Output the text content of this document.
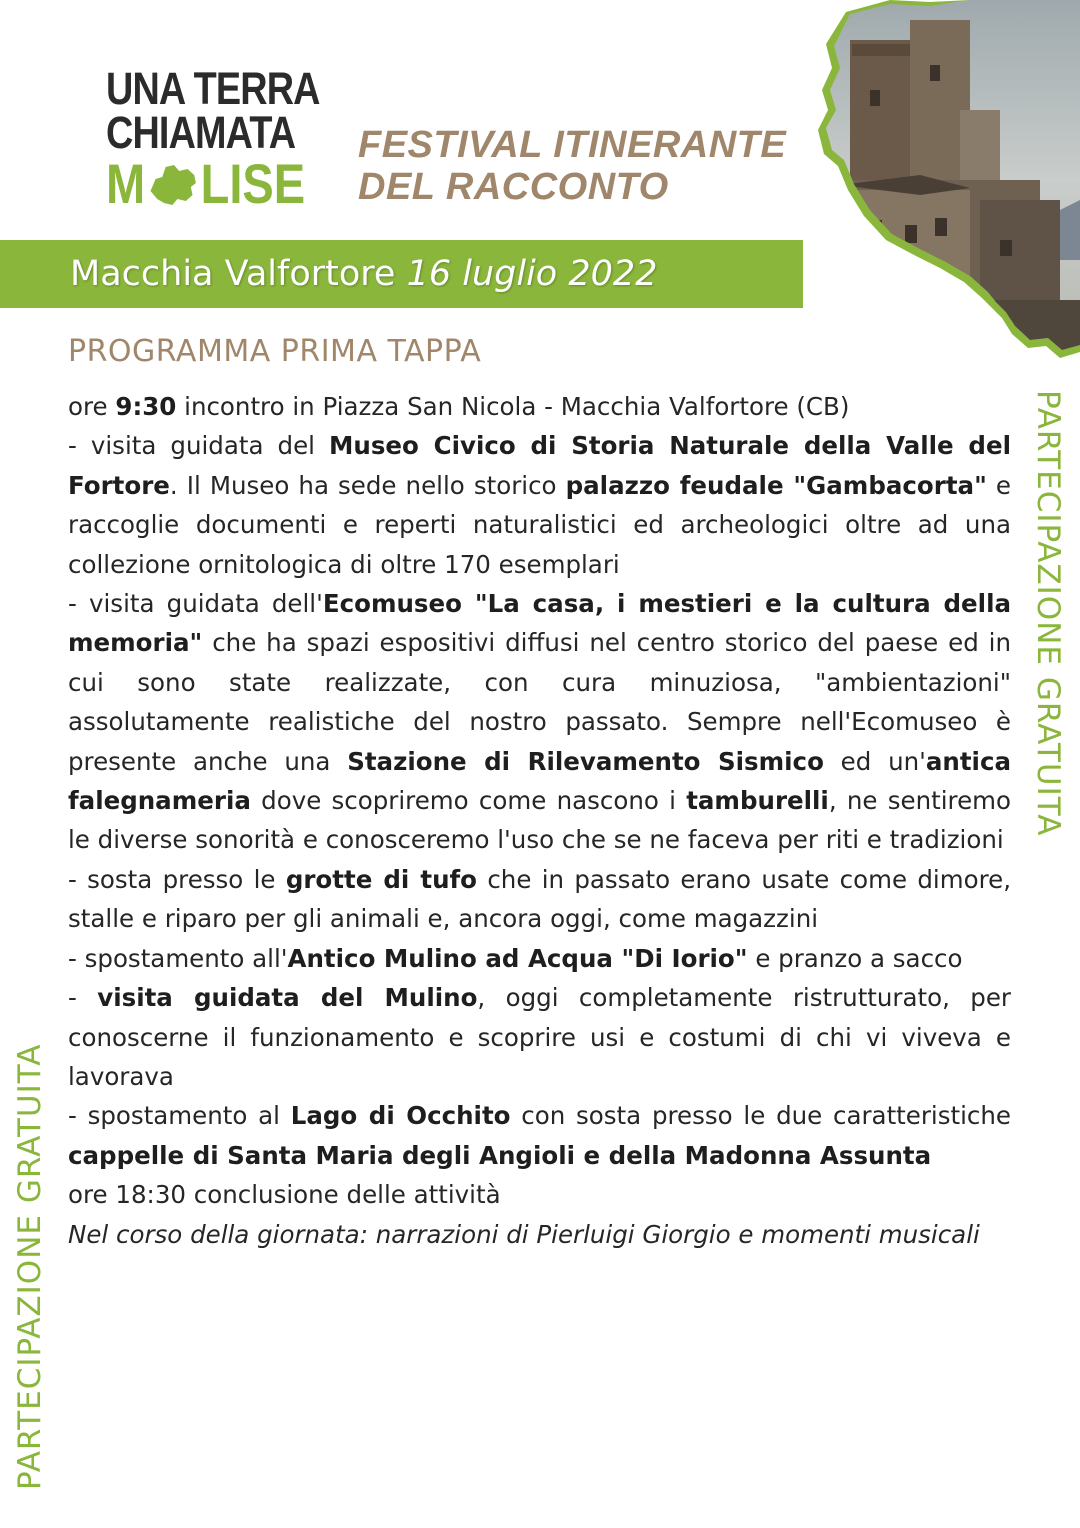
UNA TERRA
CHIAMATA
M LISE
FESTIVAL ITINERANTE
DEL RACCONTO
Macchia Valfortore 16 luglio 2022
PROGRAMMA PRIMA TAPPA

ore 9:30 incontro in Piazza San Nicola - Macchia Valfortore (CB)

- visita guidata del Museo Civico di Storia Naturale della Valle del Fortore. Il Museo ha sede nello storico palazzo feudale "Gambacorta" e raccoglie documenti e reperti naturalistici ed archeologici oltre ad una collezione ornitologica di oltre 170 esemplari

- visita guidata dell'Ecomuseo "La casa, i mestieri e la cultura della memoria" che ha spazi espositivi diffusi nel centro storico del paese ed in cui sono state realizzate, con cura minuziosa, "ambientazioni" assolutamente realistiche del nostro passato. Sempre nell'Ecomuseo è presente anche una Stazione di Rilevamento Sismico ed un'antica falegnameria dove scopriremo come nascono i tamburelli, ne sentiremo le diverse sonorità e conosceremo l'uso che se ne faceva per riti e tradizioni

- sosta presso le grotte di tufo che in passato erano usate come dimore, stalle e riparo per gli animali e, ancora oggi, come magazzini

- spostamento all'Antico Mulino ad Acqua "Di Iorio" e pranzo a sacco

- visita guidata del Mulino, oggi completamente ristrutturato, per conoscerne il funzionamento e scoprire usi e costumi di chi vi viveva e lavorava

- spostamento al Lago di Occhito con sosta presso le due caratteristiche cappelle di Santa Maria degli Angioli e della Madonna Assunta

ore 18:30 conclusione delle attività

Nel corso della giornata: narrazioni di Pierluigi Giorgio e momenti musicali

PARTECIPAZIONE GRATUITA
PARTECIPAZIONE GRATUITA
